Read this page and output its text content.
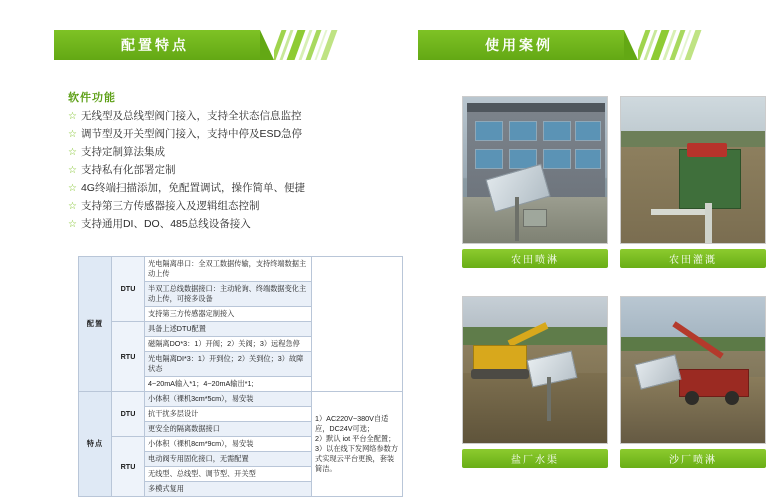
配置特点	使用案例
软件功能
☆ 无线型及总线型阀门接入，支持全状态信息监控
☆ 调节型及开关型阀门接入，支持中停及ESD急停
☆ 支持定制算法集成
☆ 支持私有化部署定制
☆ 4G终端扫描添加，免配置调试，操作简单、便捷
☆ 支持第三方传感器接入及逻辑组态控制
☆ 支持通用DI、DO、485总线设备接入
配置	DTU	光电隔离串口：全双工数据传输，支持终端数据主动上传	
		半双工总线数据接口：主动轮询、终端数据变化主动上传，可接多设备	
		支持第三方传感器定制接入	
	RTU	具备上述DTU配置	
		磁隔离DO*3：1）开阀；2）关阀；3）远程急停	
		光电隔离DI*3：1）开到位；2）关到位；3）故障状态	
		4~20mA输入*1；4~20mA输出*1;	
特点	DTU	小体积（裸机3cm*5cm），易安装	1）AC220V~380V自适应，DC24V可选；
2）默认 iot 平台全配置；
3）以在线下发网络参数方式实现云平台更换，套装简洁。

		抗干扰多层设计	
		更安全的隔离数据接口	
	RTU	小体积（裸机8cm*9cm），易安装	
		电动阀专用固化接口，无需配置	
		无线型、总线型、调节型、开关型	
		多模式复用	
农田喷淋	农田灌溉
盐厂水渠	沙厂喷淋
